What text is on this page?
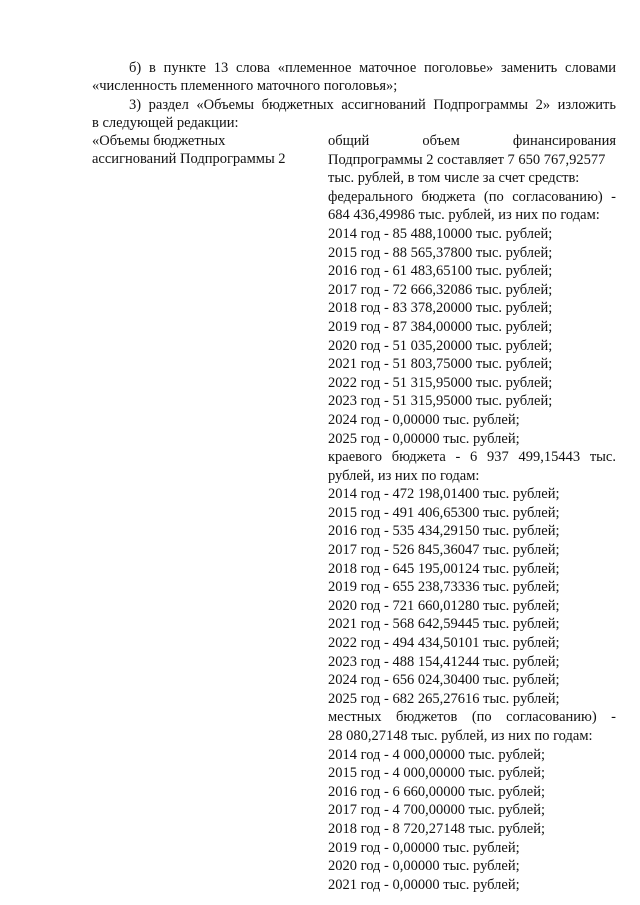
б) в пункте 13 слова «племенное маточное поголовье» заменить словами

«численность племенного маточного поголовья»;

3) раздел «Объемы бюджетных ассигнований Подпрограммы 2» изложить

в следующей редакции:

«Объемы бюджетных
ассигнований Подпрограммы 2
общий объем финансирования
Подпрограммы 2 составляет 7 650 767,92577
тыс. рублей, в том числе за счет средств:
федерального бюджета (по согласованию) -
684 436,49986 тыс. рублей, из них по годам:
2014 год - 85 488,10000 тыс. рублей;
2015 год - 88 565,37800 тыс. рублей;
2016 год - 61 483,65100 тыс. рублей;
2017 год - 72 666,32086 тыс. рублей;
2018 год - 83 378,20000 тыс. рублей;
2019 год - 87 384,00000 тыс. рублей;
2020 год - 51 035,20000 тыс. рублей;
2021 год - 51 803,75000 тыс. рублей;
2022 год - 51 315,95000 тыс. рублей;
2023 год - 51 315,95000 тыс. рублей;
2024 год - 0,00000 тыс. рублей;
2025 год - 0,00000 тыс. рублей;
краевого бюджета - 6 937 499,15443 тыс.
рублей, из них по годам:
2014 год - 472 198,01400 тыс. рублей;
2015 год - 491 406,65300 тыс. рублей;
2016 год - 535 434,29150 тыс. рублей;
2017 год - 526 845,36047 тыс. рублей;
2018 год - 645 195,00124 тыс. рублей;
2019 год - 655 238,73336 тыс. рублей;
2020 год - 721 660,01280 тыс. рублей;
2021 год - 568 642,59445 тыс. рублей;
2022 год - 494 434,50101 тыс. рублей;
2023 год - 488 154,41244 тыс. рублей;
2024 год - 656 024,30400 тыс. рублей;
2025 год - 682 265,27616 тыс. рублей;
местных бюджетов (по согласованию) -
28 080,27148 тыс. рублей, из них по годам:
2014 год - 4 000,00000 тыс. рублей;
2015 год - 4 000,00000 тыс. рублей;
2016 год - 6 660,00000 тыс. рублей;
2017 год - 4 700,00000 тыс. рублей;
2018 год - 8 720,27148 тыс. рублей;
2019 год - 0,00000 тыс. рублей;
2020 год - 0,00000 тыс. рублей;
2021 год - 0,00000 тыс. рублей;
